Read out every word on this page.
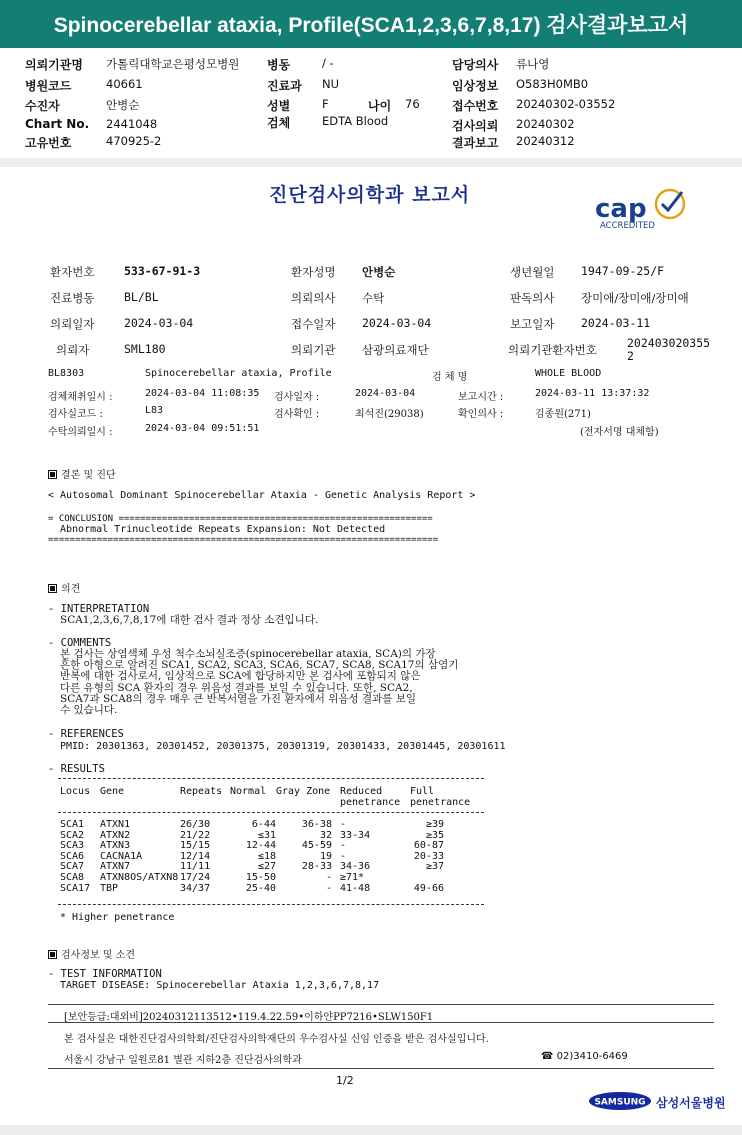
Spinocerebellar ataxia, Profile(SCA1,2,3,6,7,8,17) 검사결과보고서
의뢰기관명 가톨릭대학교은평성모병원 병동	/ -	담당의사 류나영
병원코드	40661	진료과 NU	임상정보 O583H0MB0
수진자	안병순	성별	F	나이 76	접수번호 20240302-03552
Chart No. 2441048	검체	EDTA Blood	검사의뢰 20240302
고유번호	470925-2	결과보고 20240312
진단검사의학과 보고서	cap
ACCREDITED
환자번호	533-67-91-3	환자성명 안병순	생년월일 1947-09-25/F
진료병동	BL/BL	의뢰의사 수탁	판독의사 장미애/장미애/장미애
의뢰일자	2024-03-04	접수일자 2024-03-04	보고일자 2024-03-11
의뢰자	SML180	의뢰기관 삼광의료재단	의뢰기관환자번호	202403020355
2
BL8303	Spinocerebellar ataxia, Profile	검 체 명	WHOLE BLOOD
검체채취일시 :	2024-03-04 11:08:35 검사일자 :	2024-03-04	보고시간 :	2024-03-11 13:37:32
검사실코드 :	L83	검사확인 :	최석진(29038)	확인의사 :	김종원(271)
수탁의뢰일시 :	2024-03-04 09:51:51	(전자서명 대체함)
결론 및 진단
< Autosomal Dominant Spinocerebellar Ataxia - Genetic Analysis Report >
= CONCLUSION ==========================================================
Abnormal Trinucleotide Repeats Expansion: Not Detected
========================================================================
의견
- INTERPRETATION
SCA1,2,3,6,7,8,17에 대한 검사 결과 정상 소견입니다.
- COMMENTS
본 검사는 상염색체 우성 척수소뇌실조증(spinocerebellar ataxia, SCA)의 가장
흔한 아형으로 알려진 SCA1, SCA2, SCA3, SCA6, SCA7, SCA8, SCA17의 삼염기
반복에 대한 검사로서, 임상적으로 SCA에 합당하지만 본 검사에 포함되지 않은
다른 유형의 SCA 환자의 경우 위음성 결과를 보일 수 있습니다. 또한, SCA2,
SCA7과 SCA8의 경우 매우 큰 반복서열을 가진 환자에서 위음성 결과를 보일
수 있습니다.
- REFERENCES
PMID: 20301363, 20301452, 20301375, 20301319, 20301433, 20301445, 20301611
- RESULTS
Locus Gene	Repeats Normal Gray Zone Reduced	Full
penetrance penetrance
SCA1 ATXN1	26/30	6-44	36-38 -	≥39
SCA2 ATXN2	21/22	≤31	32 33-34	≥35
SCA3 ATXN3	15/15	12-44	45-59 -	60-87
SCA6 CACNA1A	12/14	≤18	19 -	20-33
SCA7 ATXN7	11/11	≤27	28-33 34-36	≥37
SCA8 ATXN8OS/ATXN8 17/24	15-50	- ≥71*
SCA17 TBP	34/37	25-40	- 41-48	49-66
* Higher penetrance
검사정보 및 소견
- TEST INFORMATION
TARGET DISEASE: Spinocerebellar Ataxia 1,2,3,6,7,8,17
[보안등급:대외비]20240312113512•119.4.22.59•이하얀PP7216•SLW150F1
본 검사실은 대한진단검사의학회/진단검사의학재단의 우수검사실 신임 인증을 받은 검사실입니다.
서울시 강남구 일원로81 별관 지하2층 진단검사의학과	☎ 02)3410-6469
1/2
SAMSUNG 삼성서울병원
